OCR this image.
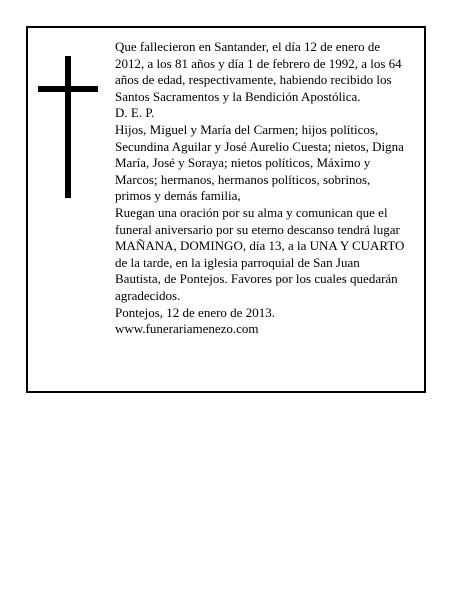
Que fallecieron en Santander, el día 12 de enero de

2012, a los 81 años y día 1 de febrero de 1992, a los 64

años de edad, respectivamente, habiendo recibido los

Santos Sacramentos y la Bendición Apostólica.

D. E. P.

Hijos, Miguel y María del Carmen; hijos políticos,

Secundina Aguilar y José Aurelio Cuesta; nietos, Digna

María, José y Soraya; nietos políticos, Máximo y

Marcos; hermanos, hermanos políticos, sobrinos,

primos y demás familia,

Ruegan una oración por su alma y comunican que el

funeral aniversario por su eterno descanso tendrá lugar

MAÑANA, DOMINGO, día 13, a la UNA Y CUARTO

de la tarde, en la iglesia parroquial de San Juan

Bautista, de Pontejos. Favores por los cuales quedarán

agradecidos.

Pontejos, 12 de enero de 2013.

www.funerariamenezo.com
